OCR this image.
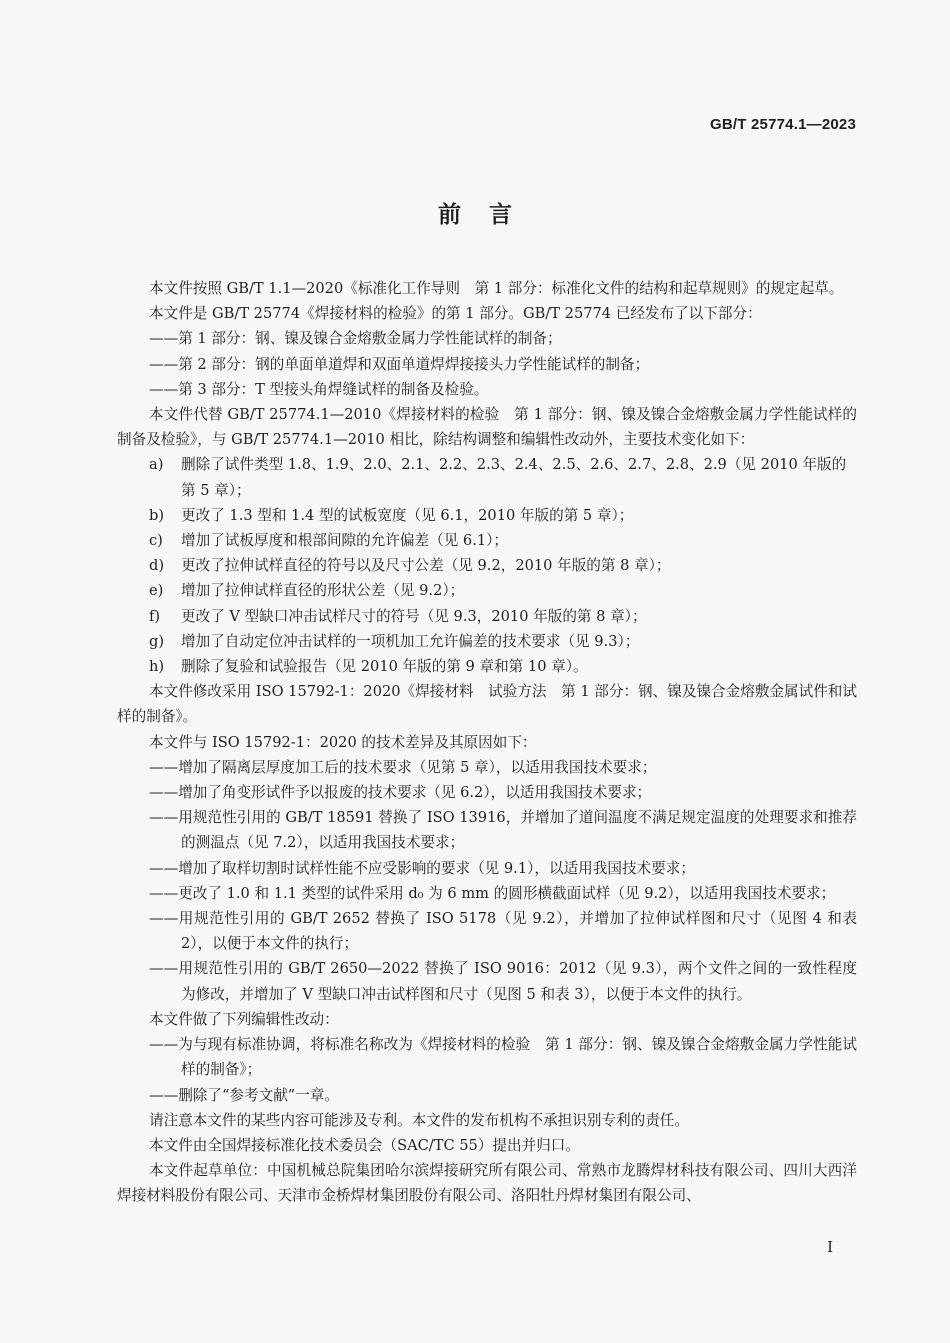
GB/T 25774.1—2023
前言

本文件按照 GB/T 1.1—2020《标准化工作导则　第 1 部分：标准化文件的结构和起草规则》的规定起草。

本文件是 GB/T 25774《焊接材料的检验》的第 1 部分。GB/T 25774 已经发布了以下部分：

——第 1 部分：钢、镍及镍合金熔敷金属力学性能试样的制备；

——第 2 部分：钢的单面单道焊和双面单道焊焊接接头力学性能试样的制备；

——第 3 部分：T 型接头角焊缝试样的制备及检验。

本文件代替 GB/T 25774.1—2010《焊接材料的检验　第 1 部分：钢、镍及镍合金熔敷金属力学性能试样的制备及检验》，与 GB/T 25774.1—2010 相比，除结构调整和编辑性改动外，主要技术变化如下：

a)	删除了试件类型 1.8、1.9、2.0、2.1、2.2、2.3、2.4、2.5、2.6、2.7、2.8、2.9（见 2010 年版的第 5 章）；
b)	更改了 1.3 型和 1.4 型的试板宽度（见 6.1，2010 年版的第 5 章）；
c)	增加了试板厚度和根部间隙的允许偏差（见 6.1）；
d)	更改了拉伸试样直径的符号以及尺寸公差（见 9.2，2010 年版的第 8 章）；
e)	增加了拉伸试样直径的形状公差（见 9.2）；
f)	更改了 V 型缺口冲击试样尺寸的符号（见 9.3，2010 年版的第 8 章）；
g)	增加了自动定位冲击试样的一项机加工允许偏差的技术要求（见 9.3）；
h)	删除了复验和试验报告（见 2010 年版的第 9 章和第 10 章）。

本文件修改采用 ISO 15792-1：2020《焊接材料　试验方法　第 1 部分：钢、镍及镍合金熔敷金属试件和试样的制备》。

本文件与 ISO 15792-1：2020 的技术差异及其原因如下：

——增加了隔离层厚度加工后的技术要求（见第 5 章），以适用我国技术要求；

——增加了角变形试件予以报废的技术要求（见 6.2），以适用我国技术要求；

——用规范性引用的 GB/T 18591 替换了 ISO 13916，并增加了道间温度不满足规定温度的处理要求和推荐的测温点（见 7.2），以适用我国技术要求；

——增加了取样切割时试样性能不应受影响的要求（见 9.1），以适用我国技术要求；

——更改了 1.0 和 1.1 类型的试件采用 d₀ 为 6 mm 的圆形横截面试样（见 9.2），以适用我国技术要求；

——用规范性引用的 GB/T 2652 替换了 ISO 5178（见 9.2），并增加了拉伸试样图和尺寸（见图 4 和表 2），以便于本文件的执行；

——用规范性引用的 GB/T 2650—2022 替换了 ISO 9016：2012（见 9.3），两个文件之间的一致性程度为修改，并增加了 V 型缺口冲击试样图和尺寸（见图 5 和表 3），以便于本文件的执行。

本文件做了下列编辑性改动：

——为与现有标准协调，将标准名称改为《焊接材料的检验　第 1 部分：钢、镍及镍合金熔敷金属力学性能试样的制备》；

——删除了“参考文献”一章。

请注意本文件的某些内容可能涉及专利。本文件的发布机构不承担识别专利的责任。

本文件由全国焊接标准化技术委员会（SAC/TC 55）提出并归口。

本文件起草单位：中国机械总院集团哈尔滨焊接研究所有限公司、常熟市龙腾焊材科技有限公司、四川大西洋焊接材料股份有限公司、天津市金桥焊材集团股份有限公司、洛阳牡丹焊材集团有限公司、

I
